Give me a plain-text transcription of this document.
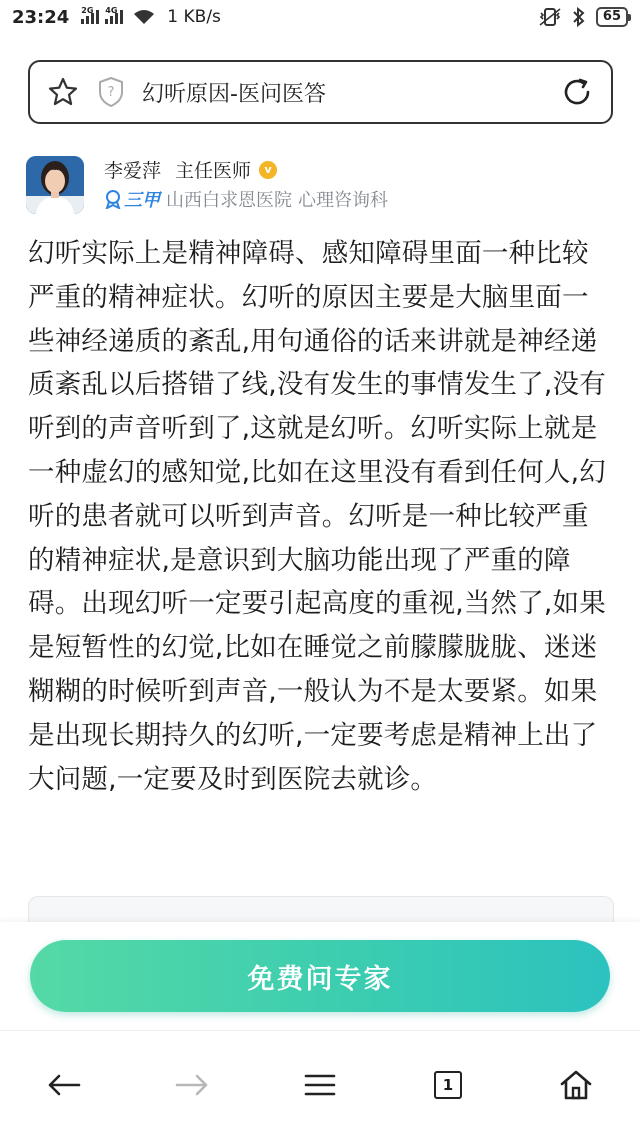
23:24 2G 4G	1 KB/s	65
? 幻听原因-医问医答
李爱萍 主任医师	v
三甲 山西白求恩医院 心理咨询科
幻听实际上是精神障碍、感知障碍里面一种比较严重的精神症状。幻听的原因主要是大脑里面一些神经递质的紊乱,用句通俗的话来讲就是神经递质紊乱以后搭错了线,没有发生的事情发生了,没有听到的声音听到了,这就是幻听。幻听实际上就是一种虚幻的感知觉,比如在这里没有看到任何人,幻听的患者就可以听到声音。幻听是一种比较严重的精神症状,是意识到大脑功能出现了严重的障碍。出现幻听一定要引起高度的重视,当然了,如果是短暂性的幻觉,比如在睡觉之前朦朦胧胧、迷迷糊糊的时候听到声音,一般认为不是太要紧。如果是出现长期持久的幻听,一定要考虑是精神上出了大问题,一定要及时到医院去就诊。
免费问专家
1
